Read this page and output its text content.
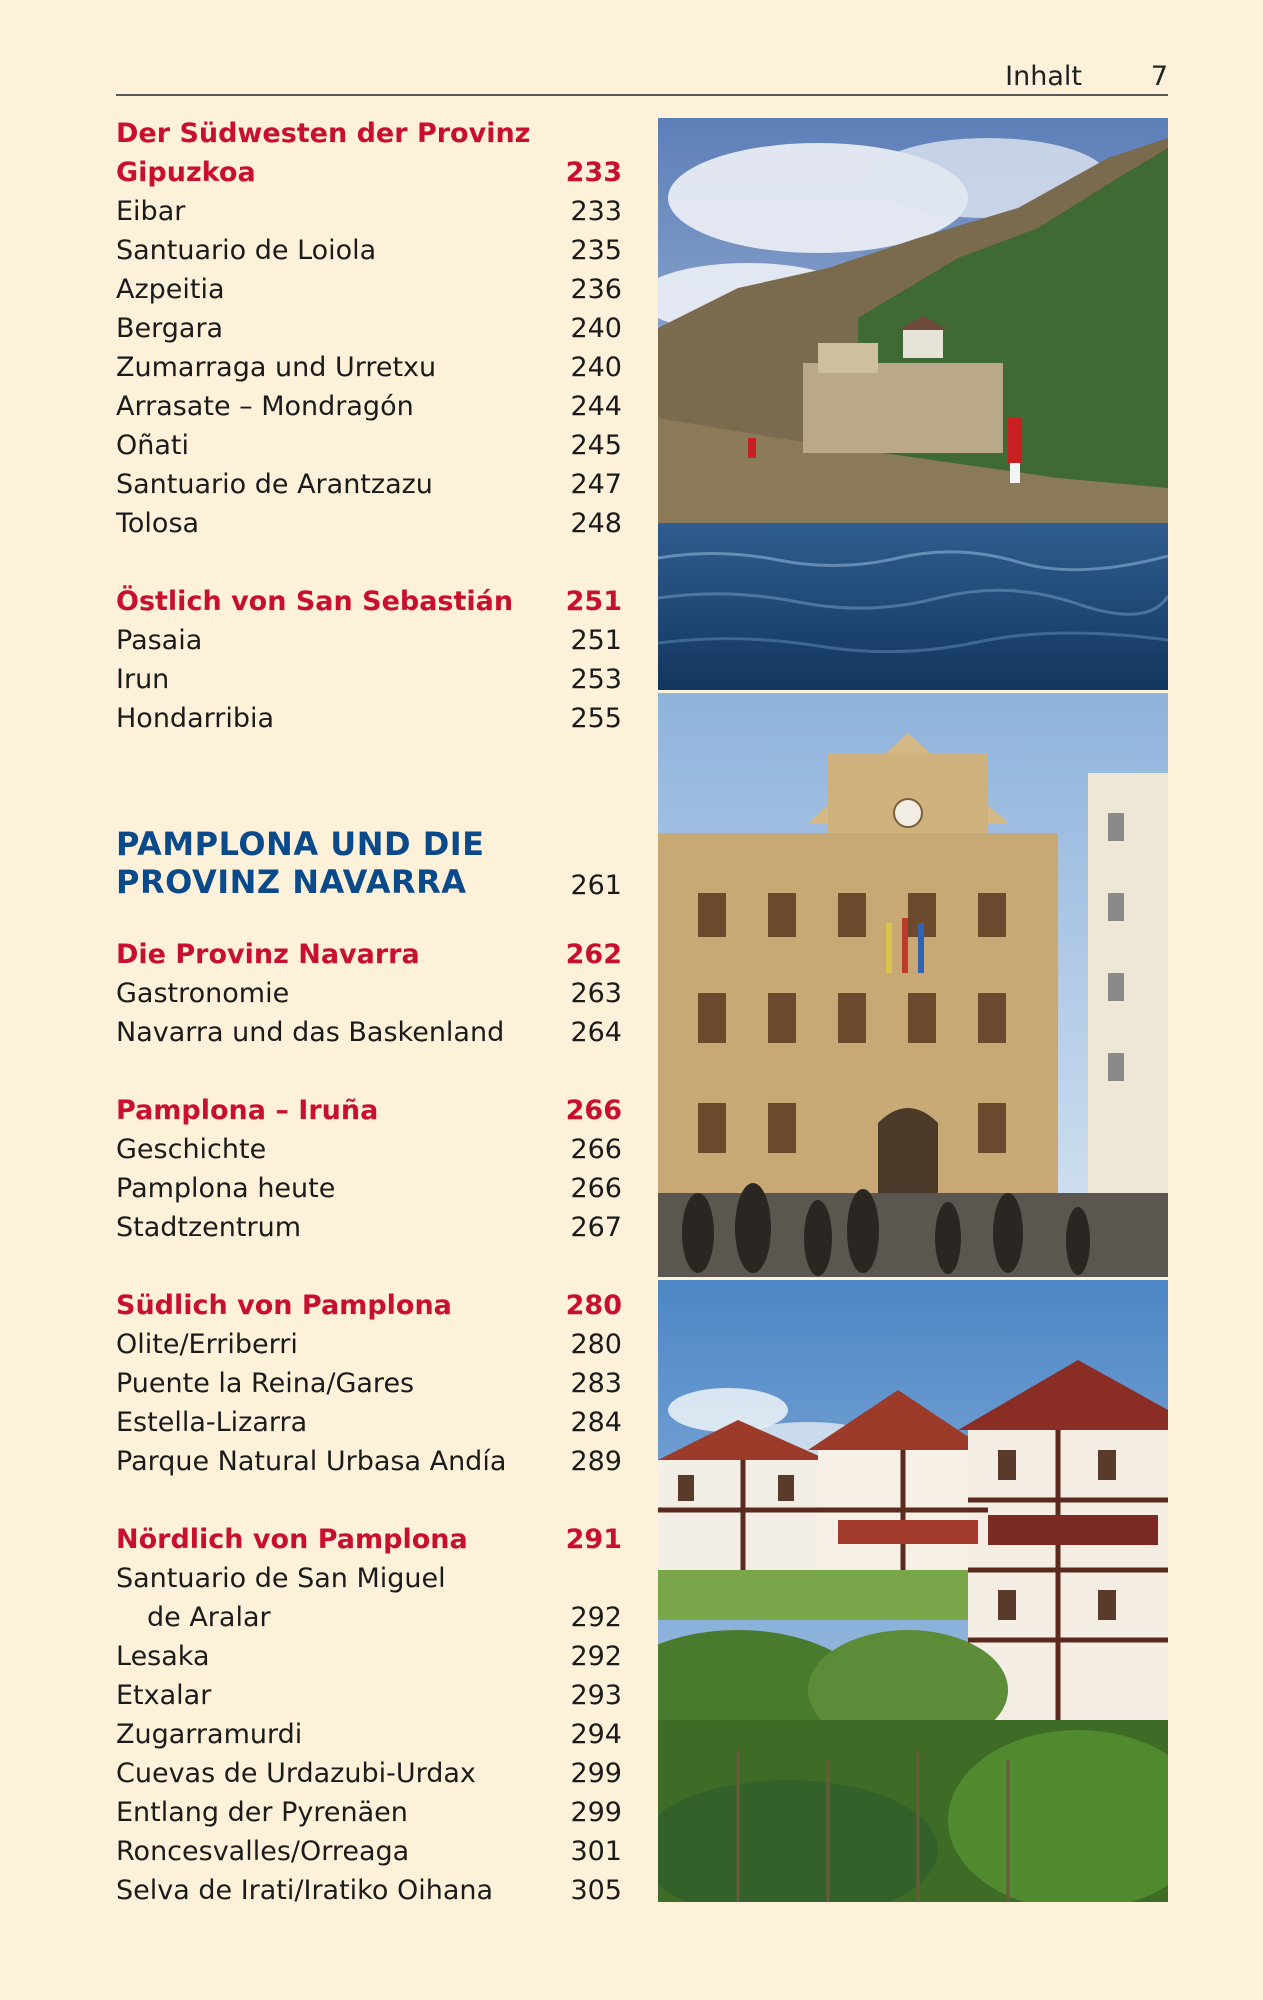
Inhalt	7
Der Südwesten der Provinz
Gipuzkoa	233
Eibar	233
Santuario de Loiola	235
Azpeitia	236
Bergara	240
Zumarraga und Urretxu	240
Arrasate – Mondragón	244
Oñati	245
Santuario de Arantzazu	247
Tolosa	248
Östlich von San Sebastián 251
Pasaia	251
Irun	253
Hondarribia	255
PAMPLONA UND DIE
PROVINZ NAVARRA	261
Die Provinz Navarra	262
Gastronomie	263
Navarra und das Baskenland 264
Pamplona – Iruña	266
Geschichte	266
Pamplona heute	266
Stadtzentrum	267
Südlich von Pamplona	280
Olite/Erriberri	280
Puente la Reina/Gares	283
Estella-Lizarra	284
Parque Natural Urbasa Andía 289
Nördlich von Pamplona	291
Santuario de San Miguel
de Aralar	292
Lesaka	292
Etxalar	293
Zugarramurdi	294
Cuevas de Urdazubi-Urdax	299
Entlang der Pyrenäen	299
Roncesvalles/Orreaga	301
Selva de Irati/Iratiko Oihana	305
